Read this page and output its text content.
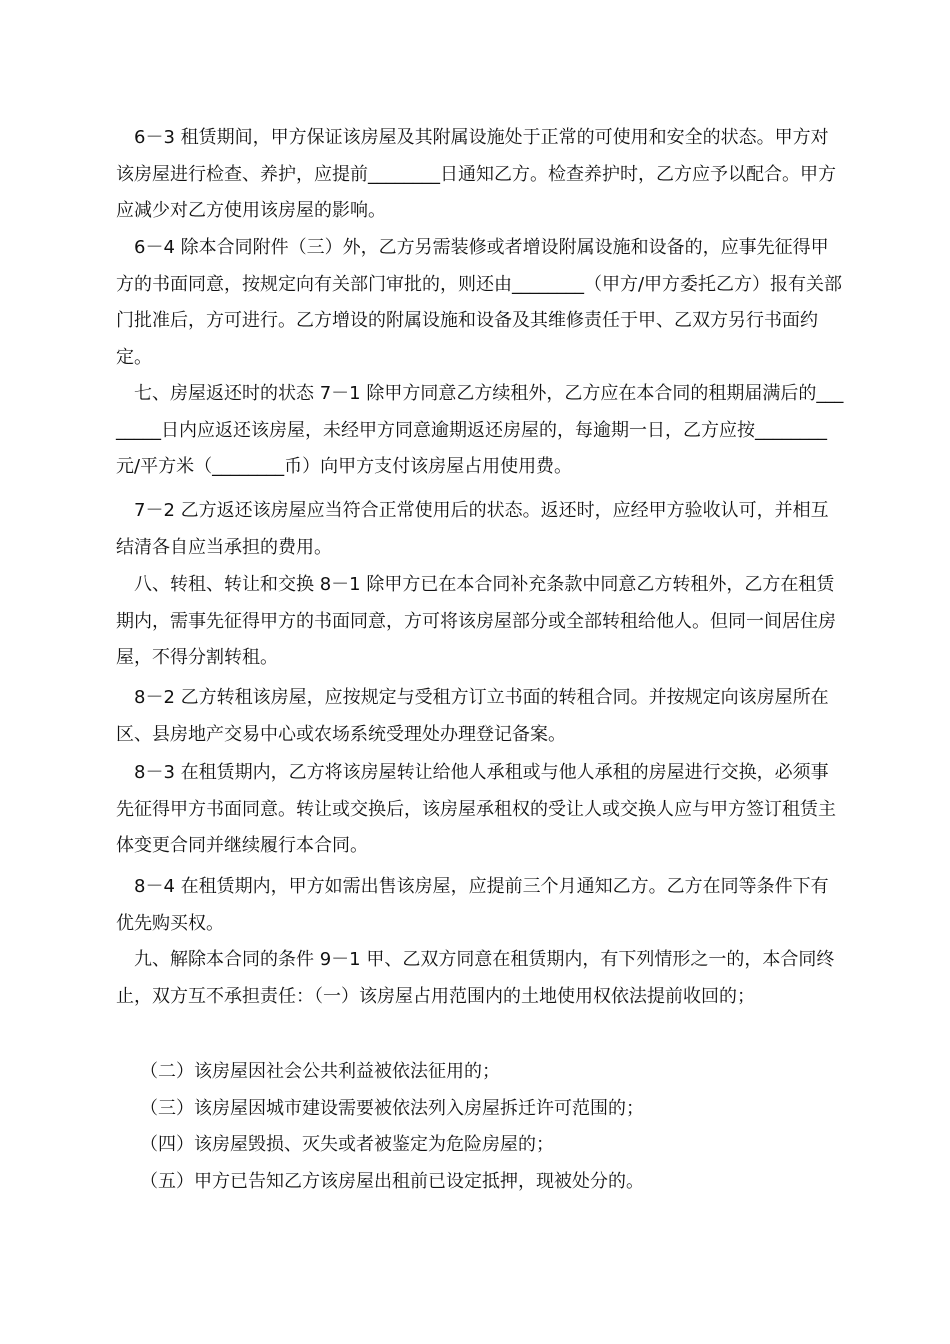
6－3 租赁期间，甲方保证该房屋及其附属设施处于正常的可使用和安全的状态。甲方对该房屋进行检查、养护，应提前________日通知乙方。检查养护时，乙方应予以配合。甲方应减少对乙方使用该房屋的影响。

6－4 除本合同附件（三）外，乙方另需装修或者增设附属设施和设备的，应事先征得甲方的书面同意，按规定向有关部门审批的，则还由________（甲方/甲方委托乙方）报有关部门批准后，方可进行。乙方增设的附属设施和设备及其维修责任于甲、乙双方另行书面约定。

七、房屋返还时的状态 7－1 除甲方同意乙方续租外，乙方应在本合同的租期届满后的________日内应返还该房屋，未经甲方同意逾期返还房屋的，每逾期一日，乙方应按________元/平方米（________币）向甲方支付该房屋占用使用费。

7－2 乙方返还该房屋应当符合正常使用后的状态。返还时，应经甲方验收认可，并相互结清各自应当承担的费用。

八、转租、转让和交换 8－1 除甲方已在本合同补充条款中同意乙方转租外，乙方在租赁期内，需事先征得甲方的书面同意，方可将该房屋部分或全部转租给他人。但同一间居住房屋，不得分割转租。

8－2 乙方转租该房屋，应按规定与受租方订立书面的转租合同。并按规定向该房屋所在区、县房地产交易中心或农场系统受理处办理登记备案。

8－3 在租赁期内，乙方将该房屋转让给他人承租或与他人承租的房屋进行交换，必须事先征得甲方书面同意。转让或交换后，该房屋承租权的受让人或交换人应与甲方签订租赁主体变更合同并继续履行本合同。

8－4 在租赁期内，甲方如需出售该房屋，应提前三个月通知乙方。乙方在同等条件下有优先购买权。

九、解除本合同的条件 9－1 甲、乙双方同意在租赁期内，有下列情形之一的，本合同终止，双方互不承担责任：（一）该房屋占用范围内的土地使用权依法提前收回的；

（二）该房屋因社会公共利益被依法征用的；

（三）该房屋因城市建设需要被依法列入房屋拆迁许可范围的；

（四）该房屋毁损、灭失或者被鉴定为危险房屋的；

（五）甲方已告知乙方该房屋出租前已设定抵押，现被处分的。
